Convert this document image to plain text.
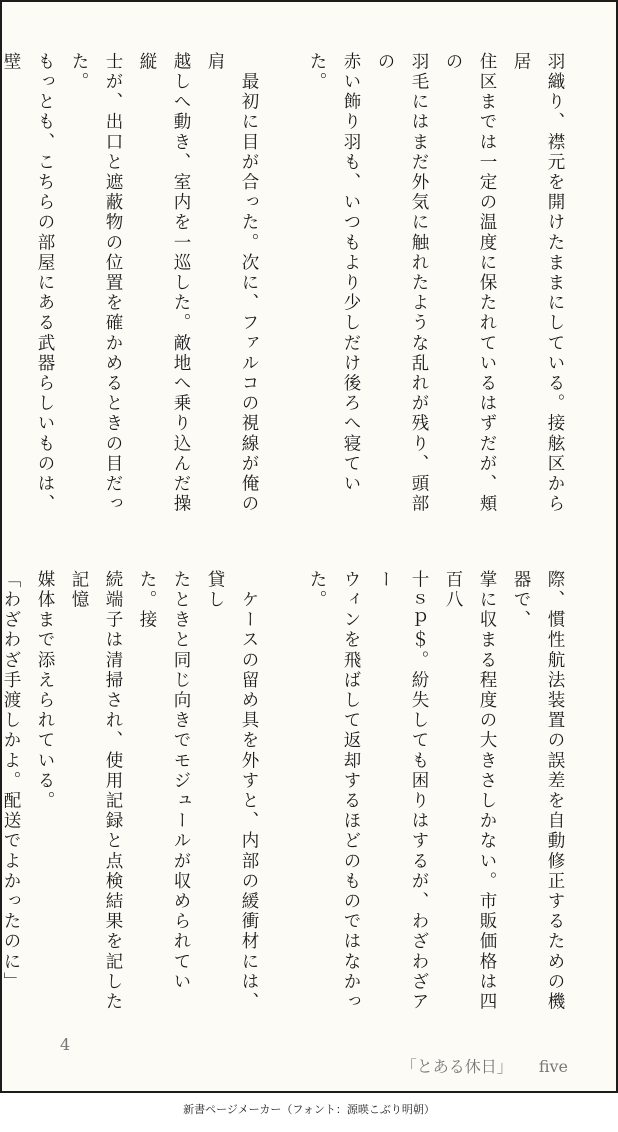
羽織り、襟元を開けたままにしている。接舷区から居

住区までは一定の温度に保たれているはずだが、頬の

羽毛にはまだ外気に触れたような乱れが残り、頭部の

赤い飾り羽も、いつもより少しだけ後ろへ寝ていた。

　最初に目が合った。次に、ファルコの視線が俺の肩

越しへ動き、室内を一巡した。敵地へ乗り込んだ操縦

士が、出口と遮蔽物の位置を確かめるときの目だった。

もっとも、こちらの部屋にある武器らしいものは、壁

際、慣性航法装置の誤差を自動修正するための機器で、

掌に収まる程度の大きさしかない。市販価格は四百八

十ｓｐ＄。紛失しても困りはするが、わざわざアー

ウィンを飛ばして返却するほどのものではなかった。

　ケースの留め具を外すと、内部の緩衝材には、貸し

たときと同じ向きでモジュールが収められていた。接

続端子は清掃され、使用記録と点検結果を記した記憶

媒体まで添えられている。

「わざわざ手渡しかよ。配送でよかったのに」

4

「とある休日」 five

新書ページメーカー（フォント：源暎こぶり明朝）
